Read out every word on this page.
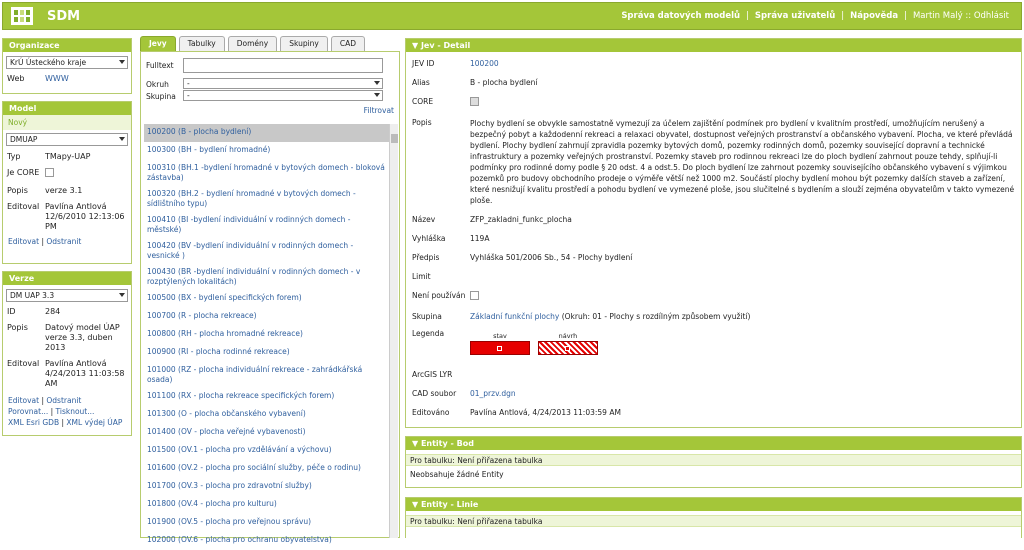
SDM	Správa datových modelů | Správa uživatelů | Nápověda | Martin Malý :: Odhlásit
Organizace
KrÚ Ústeckého kraje
Web	WWW
Model
Nový
DMUAP
Typ	TMapy-UAP
Je CORE
Popis	verze 3.1
Editoval Pavlína Antlová 12/6/2010 12:13:06 PM
Editovat | Odstranit
Verze
DM UAP 3.3
ID	284
Popis	Datový model ÚAP verze 3.3, duben 2013
Editoval Pavlína Antlová 4/24/2013 11:03:58 AM
Editovat | Odstranit
Porovnat... | Tisknout...
XML Esri GDB | XML výdej ÚAP
Jevy	Tabulky	Domény	Skupiny	CAD
Fulltext
Okruh -
Skupina -
Filtrovat
100200 (B - plocha bydlení)
100300 (BH - bydlení hromadné)
100310 (BH.1 -bydlení hromadné v bytových domech - bloková zástavba)
100320 (BH.2 - bydlení hromadné v bytových domech - sídlištního typu)
100410 (BI -bydlení individuální v rodinných domech - městské)
100420 (BV -bydlení individuální v rodinných domech - vesnické )
100430 (BR -bydlení individuální v rodinných domech - v rozptýlených lokalitách)
100500 (BX - bydlení specifických forem)
100700 (R - plocha rekreace)
100800 (RH - plocha hromadné rekreace)
100900 (RI - plocha rodinné rekreace)
101000 (RZ - plocha individuální rekreace - zahrádkářská osada)
101100 (RX - plocha rekreace specifických forem)
101300 (O - plocha občanského vybavení)
101400 (OV - plocha veřejné vybavenosti)
101500 (OV.1 - plocha pro vzdělávání a výchovu)
101600 (OV.2 - plocha pro sociální služby, péče o rodinu)
101700 (OV.3 - plocha pro zdravotní služby)
101800 (OV.4 - plocha pro kulturu)
101900 (OV.5 - plocha pro veřejnou správu)
102000 (OV.6 - plocha pro ochranu obyvatelstva)
▼ Jev - Detail
JEV ID	100200
Alias	B - plocha bydlení
CORE
Popis	Plochy bydlení se obvykle samostatně vymezují za účelem zajištění podmínek pro bydlení v kvalitním prostředí, umožňujícím nerušený a bezpečný pobyt a každodenní rekreaci a relaxaci obyvatel, dostupnost veřejných prostranství a občanského vybavení. Plocha, ve které převládá bydlení. Plochy bydlení zahrnují zpravidla pozemky bytových domů, pozemky rodinných domů, pozemky související dopravní a technické infrastruktury a pozemky veřejných prostranství. Pozemky staveb pro rodinnou rekreaci lze do ploch bydlení zahrnout pouze tehdy, splňují-li podmínky pro rodinné domy podle § 20 odst. 4 a odst.5. Do ploch bydlení lze zahrnout pozemky souvisejícího občanského vybavení s výjimkou pozemků pro budovy obchodního prodeje o výměře větší než 1000 m2. Součástí plochy bydlení mohou být pozemky dalších staveb a zařízení, které nesnižují kvalitu prostředí a pohodu bydlení ve vymezené ploše, jsou slučitelné s bydlením a slouží zejména obyvatelům v takto vymezené ploše.
Název	ZFP_zakladni_funkc_plocha
Vyhláška	119A
Předpis	Vyhláška 501/2006 Sb., 54 - Plochy bydlení
Limit
Není používán
Skupina	Základní funkční plochy (Okruh: 01 - Plochy s rozdílným způsobem využití)
Legenda	stav	návrh
ArcGIS LYR
CAD soubor	01_przv.dgn
Editováno	Pavlína Antlová, 4/24/2013 11:03:59 AM
▼ Entity - Bod
Pro tabulku: Není přiřazena tabulka
Neobsahuje žádné Entity
▼ Entity - Linie
Pro tabulku: Není přiřazena tabulka
